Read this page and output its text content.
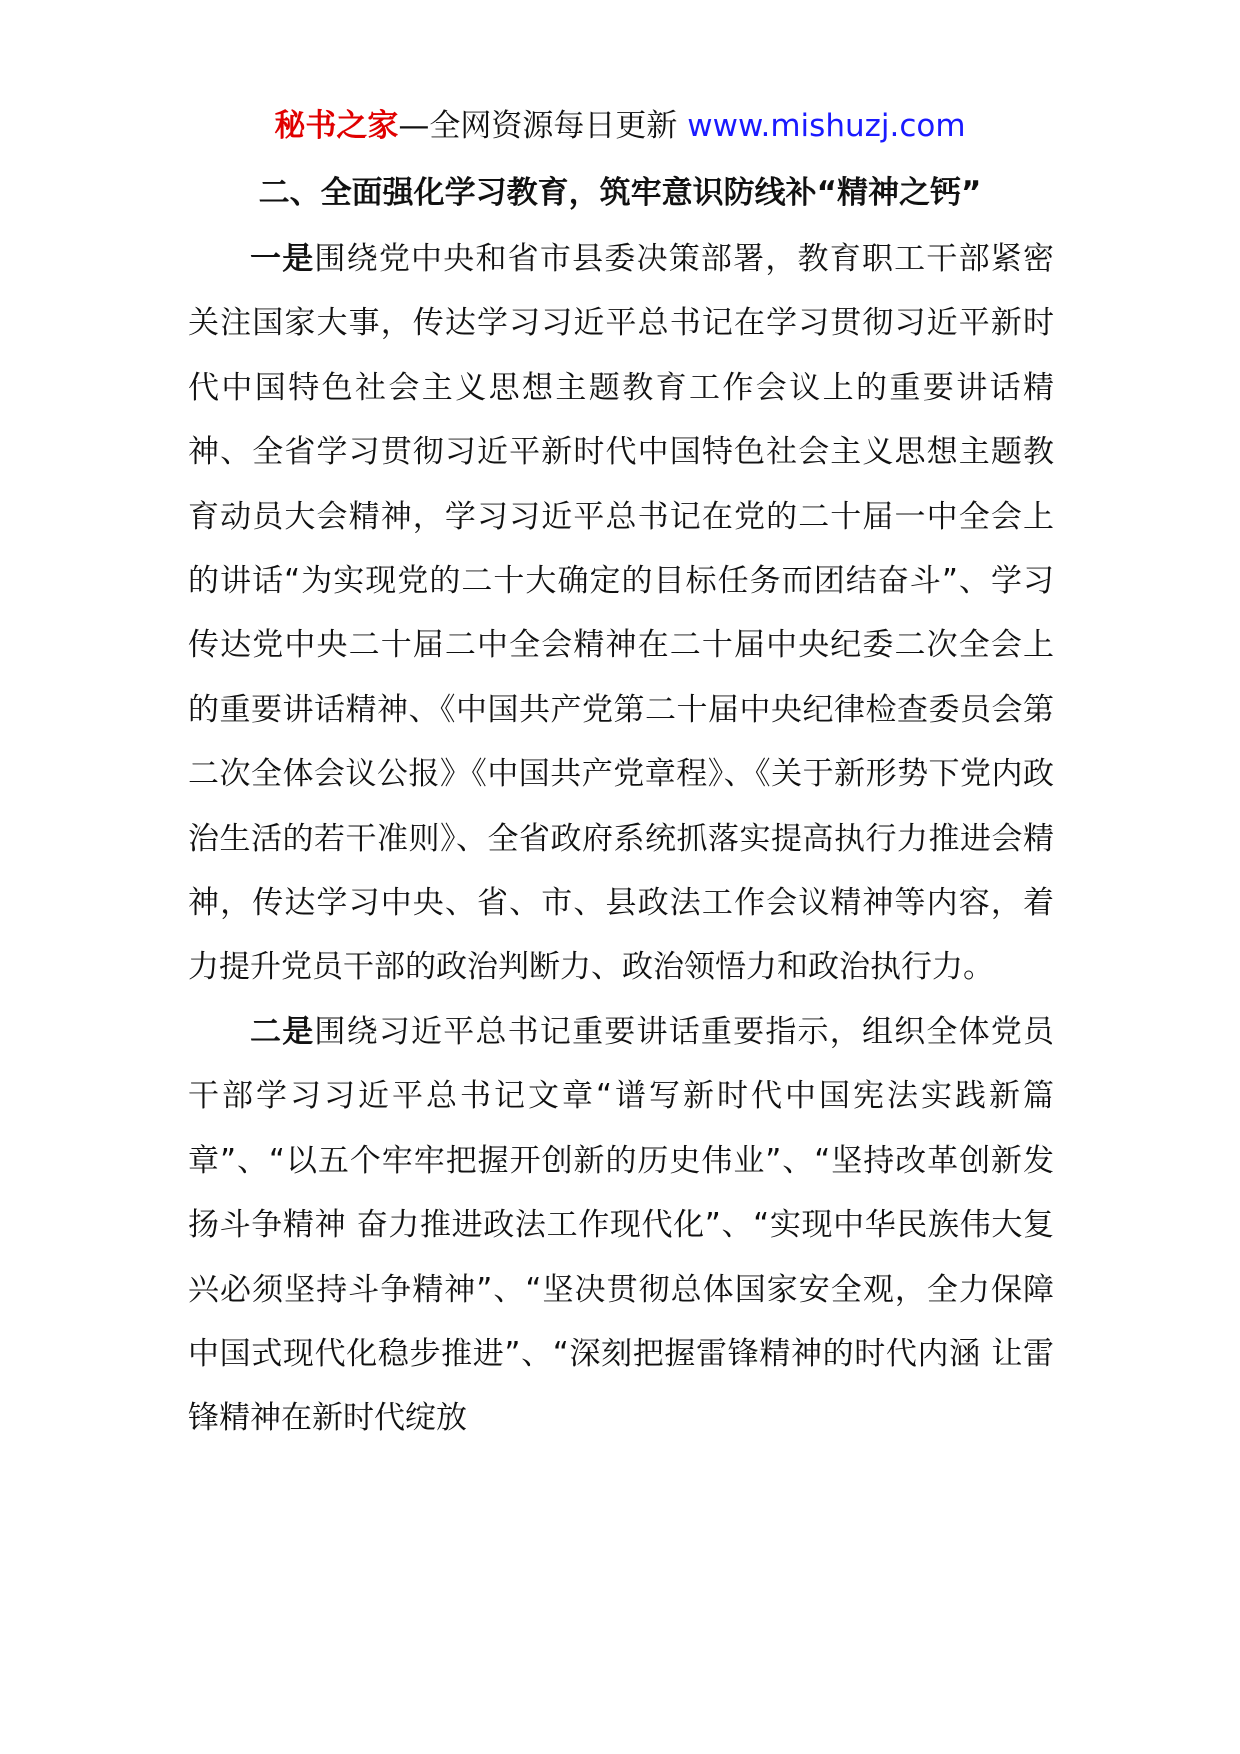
秘书之家—全网资源每日更新 www.mishuzj.com
二、全面强化学习教育，筑牢意识防线补“精神之钙”

一是围绕党中央和省市县委决策部署，教育职工干部紧密关注国家大事，传达学习习近平总书记在学习贯彻习近平新时代中国特色社会主义思想主题教育工作会议上的重要讲话精神、全省学习贯彻习近平新时代中国特色社会主义思想主题教育动员大会精神，学习习近平总书记在党的二十届一中全会上的讲话“为实现党的二十大确定的目标任务而团结奋斗”、学习传达党中央二十届二中全会精神在二十届中央纪委二次全会上的重要讲话精神、《中国共产党第二十届中央纪律检查委员会第二次全体会议公报》《中国共产党章程》、《关于新形势下党内政治生活的若干准则》、全省政府系统抓落实提高执行力推进会精神，传达学习中央、省、市、县政法工作会议精神等内容，着力提升党员干部的政治判断力、政治领悟力和政治执行力。

二是围绕习近平总书记重要讲话重要指示，组织全体党员干部学习习近平总书记文章“谱写新时代中国宪法实践新篇章”、“以五个牢牢把握开创新的历史伟业”、“坚持改革创新发扬斗争精神 奋力推进政法工作现代化”、“实现中华民族伟大复兴必须坚持斗争精神”、“坚决贯彻总体国家安全观，全力保障中国式现代化稳步推进”、“深刻把握雷锋精神的时代内涵 让雷锋精神在新时代绽放
